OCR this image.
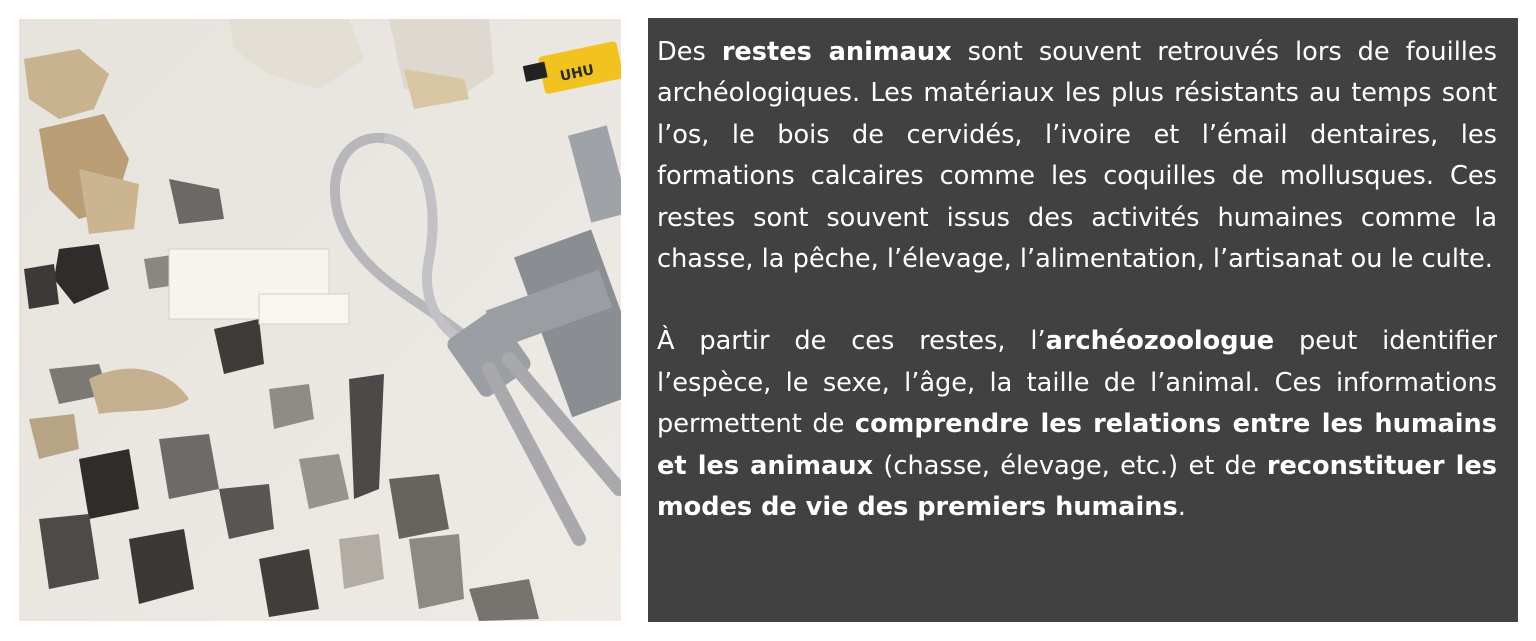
UHU

Des restes animaux sont souvent retrouvés lors de fouilles archéologiques. Les matériaux les plus résistants au temps sont l’os, le bois de cervidés, l’ivoire et l’émail dentaires, les formations calcaires comme les coquilles de mollusques. Ces restes sont souvent issus des activités humaines comme la chasse, la pêche, l’élevage, l’alimentation, l’artisanat ou le culte.

À partir de ces restes, l’archéozoologue peut identifier l’espèce, le sexe, l’âge, la taille de l’animal. Ces informations permettent de comprendre les relations entre les humains et les animaux (chasse, élevage, etc.) et de reconstituer les modes de vie des premiers humains.
